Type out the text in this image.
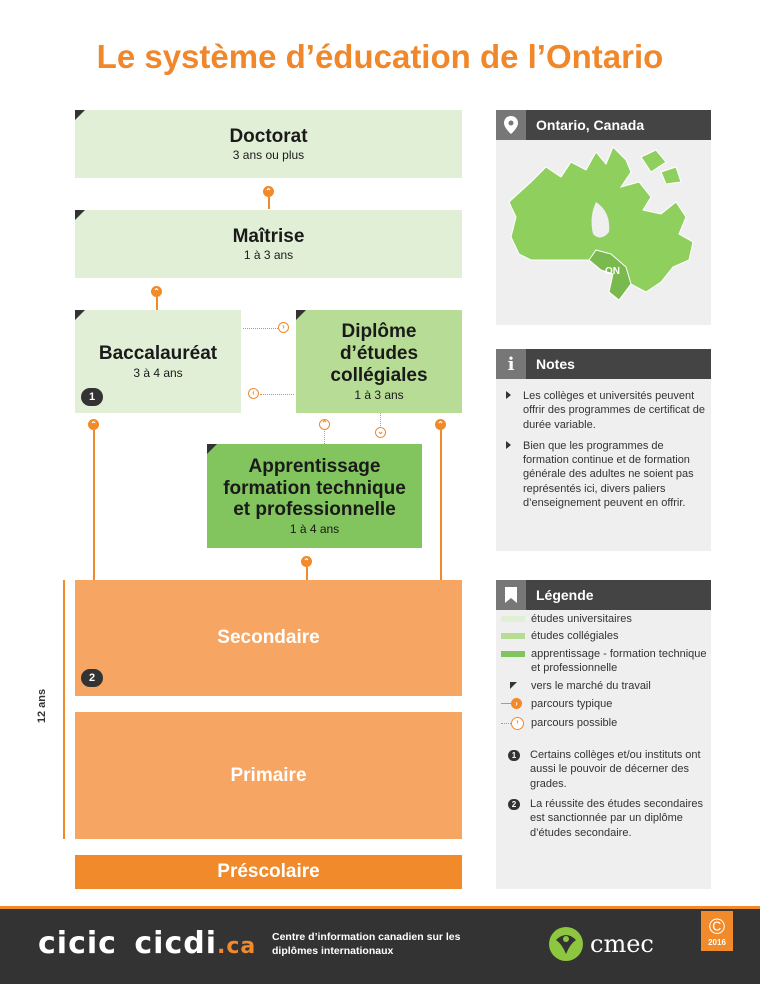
Le système d’éducation de l’Ontario
Doctorat
3 ans ou plus
⌃
Maîtrise
1 à 3 ans
⌃
Baccalauréat
3 à 4 ans
1
Diplôme
d’études
collégiales
1 à 3 ans
›
‹
⌃	⌃
⌃
⌄
Apprentissage
formation technique
et professionnelle
1 à 4 ans
⌃
12 ans
Secondaire
2
Primaire
Préscolaire
Ontario, Canada
ON
i	Notes
Les collèges et universités peuvent offrir des programmes de certificat de durée variable.
Bien que les programmes de formation continue et de formation générale des adultes ne soient pas représentés ici, divers paliers d’enseignement peuvent en offrir.
Légende
études universitaires
études collégiales
apprentissage - formation technique et professionnelle
vers le marché du travail
›	parcours typique
›	parcours possible
1	Certains collèges et/ou instituts ont aussi le pouvoir de décerner des grades.
2	La réussite des études secondaires est sanctionnée par un diplôme d’études secondaire.
cicic cicdi.ca Centre d’information canadien sur les
diplômes internationaux	cmec
©
2016
